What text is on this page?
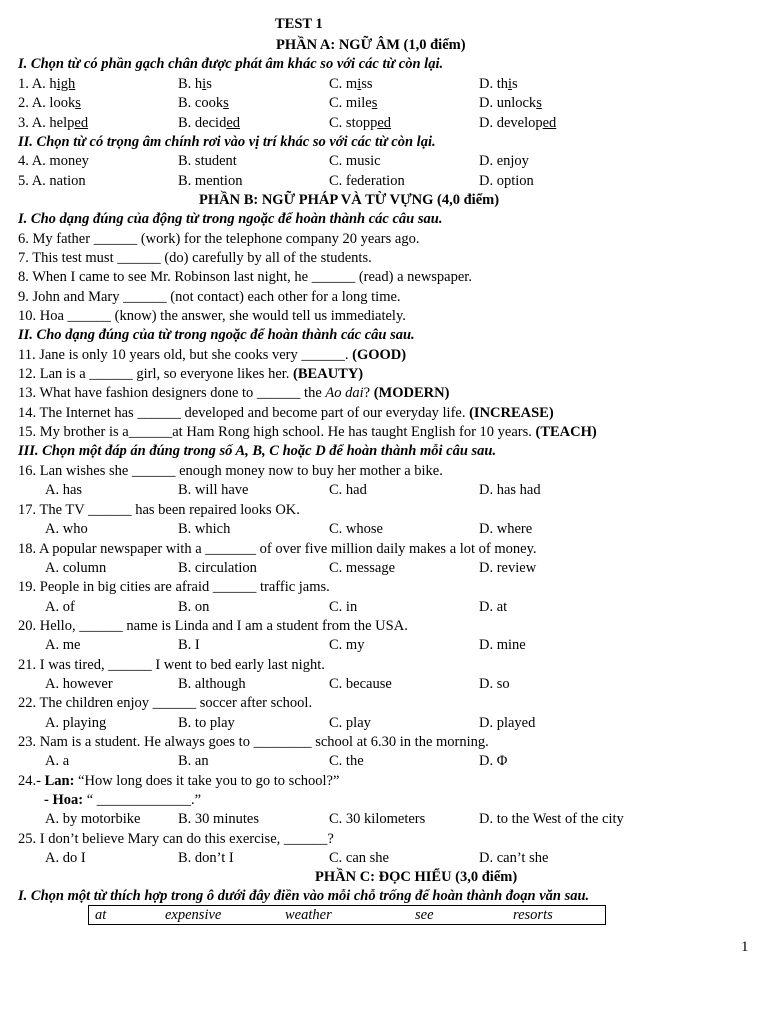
TEST 1
PHẦN A: NGỮ ÂM (1,0 điểm)
I. Chọn từ có phần gạch chân được phát âm khác so với các từ còn lại.
1. A. high	B. his	C. miss	D. this
2. A. looks	B. cooks	C. miles	D. unlocks
3. A. helped	B. decided	C. stopped	D. developed
II. Chọn từ có trọng âm chính rơi vào vị trí khác so với các từ còn lại.
4. A. money	B. student	C. music	D. enjoy
5. A. nation	B. mention	C. federation	D. option
PHẦN B: NGỮ PHÁP VÀ TỪ VỰNG (4,0 điểm)
I. Cho dạng đúng của động từ trong ngoặc để hoàn thành các câu sau.
6. My father ______ (work) for the telephone company 20 years ago.
7. This test must ______ (do) carefully by all of the students.
8. When I came to see Mr. Robinson last night, he ______ (read) a newspaper.
9. John and Mary ______ (not contact) each other for a long time.
10. Hoa ______ (know) the answer, she would tell us immediately.
II. Cho dạng đúng của từ trong ngoặc để hoàn thành các câu sau.
11. Jane is only 10 years old, but she cooks very ______. (GOOD)
12. Lan is a ______ girl, so everyone likes her. (BEAUTY)
13. What have fashion designers done to ______ the Ao dai? (MODERN)
14. The Internet has ______ developed and become part of our everyday life. (INCREASE)
15. My brother is a______at Ham Rong high school. He has taught English for 10 years. (TEACH)
III. Chọn một đáp án đúng trong số A, B, C hoặc D để hoàn thành mỗi câu sau.
16. Lan wishes she ______ enough money now to buy her mother a bike.
A. has	B. will have	C. had	D. has had
17. The TV ______ has been repaired looks OK.
A. who	B. which	C. whose	D. where
18. A popular newspaper with a _______ of over five million daily makes a lot of money.
A. column	B. circulation	C. message	D. review
19. People in big cities are afraid ______ traffic jams.
A. of	B. on	C. in	D. at
20. Hello, ______ name is Linda and I am a student from the USA.
A. me	B. I	C. my	D. mine
21. I was tired, ______ I went to bed early last night.
A. however	B. although	C. because	D. so
22. The children enjoy ______ soccer after school.
A. playing	B. to play	C. play	D. played
23. Nam is a student. He always goes to ________ school at 6.30 in the morning.
A. a	B. an	C. the	D. Φ
24.- Lan: “How long does it take you to go to school?”
- Hoa: “ _____________.”
A. by motorbike	B. 30 minutes	C. 30 kilometers	D. to the West of the city
25. I don’t believe Mary can do this exercise, ______?
A. do I	B. don’t I	C. can she	D. can’t she
PHẦN C: ĐỌC HIỂU (3,0 điểm)
I. Chọn một từ thích hợp trong ô dưới đây điền vào mỗi chỗ trống để hoàn thành đoạn văn sau.
at	expensive	weather	see	resorts
1
